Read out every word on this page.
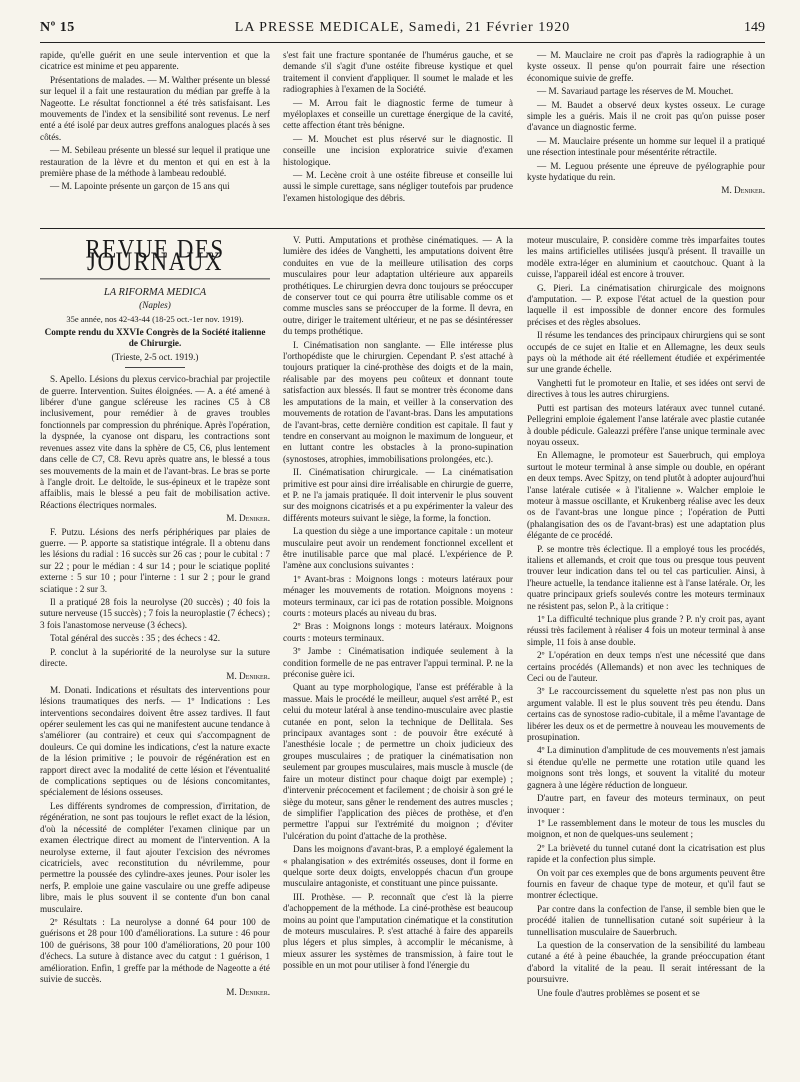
Nº 15	LA PRESSE MEDICALE, Samedi, 21 Février 1920	149

rapide, qu'elle guérit en une seule intervention et que la cicatrice est minime et peu apparente.

Présentations de malades. — M. Walther présente un blessé sur lequel il a fait une restauration du médian par greffe à la Nageotte. Le résultat fonctionnel a été très satisfaisant. Les mouvements de l'index et la sensibilité sont revenus. Le nerf enté a été isolé par deux autres greffons analogues placés à ses côtés.

— M. Sebileau présente un blessé sur lequel il pratique une restauration de la lèvre et du menton et qui en est à la première phase de la méthode à lambeau redoublé.

— M. Lapointe présente un garçon de 15 ans qui

s'est fait une fracture spontanée de l'humérus gauche, et se demande s'il s'agit d'une ostéite fibreuse kystique et quel traitement il convient d'appliquer. Il soumet le malade et les radiographies à l'examen de la Société.

— M. Arrou fait le diagnostic ferme de tumeur à myéloplaxes et conseille un curettage énergique de la cavité, cette affection étant très bénigne.

— M. Mouchet est plus réservé sur le diagnostic. Il conseille une incision exploratrice suivie d'examen histologique.

— M. Lecène croit à une ostéite fibreuse et conseille lui aussi le simple curettage, sans négliger toutefois par prudence l'examen histologique des débris.

— M. Mauclaire ne croit pas d'après la radiographie à un kyste osseux. Il pense qu'on pourrait faire une résection économique suivie de greffe.

— M. Savariaud partage les réserves de M. Mouchet.

— M. Baudet a observé deux kystes osseux. Le curage simple les a guéris. Mais il ne croit pas qu'on puisse poser d'avance un diagnostic ferme.

— M. Mauclaire présente un homme sur lequel il a pratiqué une résection intestinale pour mésentérite rétractile.

— M. Leguou présente une épreuve de pyélographie pour kyste hydatique du rein.

M. Denıker.

REVUE DES JOURNAUX

LA RIFORMA MEDICA

(Naples)

35e année, nos 42-43-44 (18-25 oct.-1er nov. 1919).

Compte rendu du XXVIe Congrès de la Société italienne de Chirurgie.

(Trieste, 2-5 oct. 1919.)

S. Apello. Lésions du plexus cervico-brachial par projectile de guerre. Intervention. Suites éloignées. — A. a été amené à libérer d'une gangue scléreuse les racines C5 à C8 inclusivement, pour remédier à de graves troubles fonctionnels par compression du phrénique. Après l'opération, la dyspnée, la cyanose ont disparu, les contractions sont revenues assez vite dans la sphère de C5, C6, plus lentement dans celle de C7, C8. Revu après quatre ans, le blessé a tous ses mouvements de la main et de l'avant-bras. Le bras se porte à l'angle droit. Le deltoïde, le sus-épineux et le trapèze sont affaiblis, mais le blessé a peu fait de mobilisation active. Réactions électriques normales.

M. Denıker.

F. Putzu. Lésions des nerfs périphériques par plaies de guerre. — P. apporte sa statistique intégrale. Il a obtenu dans les lésions du radial : 16 succès sur 26 cas ; pour le cubital : 7 sur 22 ; pour le médian : 4 sur 14 ; pour le sciatique poplité externe : 5 sur 10 ; pour l'interne : 1 sur 2 ; pour le grand sciatique : 2 sur 3.

Il a pratiqué 28 fois la neurolyse (20 succès) ; 40 fois la suture nerveuse (15 succès) ; 7 fois la neuroplastie (7 échecs) ; 3 fois l'anastomose nerveuse (3 échecs).

Total général des succès : 35 ; des échecs : 42.

P. conclut à la supériorité de la neurolyse sur la suture directe.

M. Denıker.

M. Donati. Indications et résultats des interventions pour lésions traumatiques des nerfs. — 1º Indications : Les interventions secondaires doivent être assez tardives. Il faut opérer seulement les cas qui ne manifestent aucune tendance à s'améliorer (au contraire) et ceux qui s'accompagnent de douleurs. Ce qui domine les indications, c'est la nature exacte de la lésion primitive ; le pouvoir de régénération est en rapport direct avec la modalité de cette lésion et l'éventualité de complications septiques ou de lésions concomitantes, spécialement de lésions osseuses.

Les différents syndromes de compression, d'irritation, de régénération, ne sont pas toujours le reflet exact de la lésion, d'où la nécessité de compléter l'examen clinique par un examen électrique direct au moment de l'intervention. A la neurolyse externe, il faut ajouter l'excision des névromes cicatriciels, avec reconstitution du névrilemme, pour permettre la poussée des cylindre-axes jeunes. Pour isoler les nerfs, P. emploie une gaine vasculaire ou une greffe adipeuse libre, mais le plus souvent il se contente d'un bon canal musculaire.

2º Résultats : La neurolyse a donné 64 pour 100 de guérisons et 28 pour 100 d'améliorations. La suture : 46 pour 100 de guérisons, 38 pour 100 d'améliorations, 20 pour 100 d'échecs. La suture à distance avec du catgut : 1 guérison, 1 amélioration. Enfin, 1 greffe par la méthode de Nageotte a été suivie de succès.

M. Denıker.

V. Putti. Amputations et prothèse cinématiques. — A la lumière des idées de Vanghetti, les amputations doivent être conduites en vue de la meilleure utilisation des corps musculaires pour leur adaptation ultérieure aux appareils prothétiques. Le chirurgien devra donc toujours se préoccuper de conserver tout ce qui pourra être utilisable comme os et comme muscles sans se préoccuper de la forme. Il devra, en outre, diriger le traitement ultérieur, et ne pas se désintéresser du temps prothétique.

I. Cinématisation non sanglante. — Elle intéresse plus l'orthopédiste que le chirurgien. Cependant P. s'est attaché à toujours pratiquer la ciné-prothèse des doigts et de la main, réalisable par des moyens peu coûteux et donnant toute satisfaction aux blessés. Il faut se montrer très économe dans les amputations de la main, et veiller à la conservation des mouvements de rotation de l'avant-bras. Dans les amputations de l'avant-bras, cette dernière condition est capitale. Il faut y tendre en conservant au moignon le maximum de longueur, et en luttant contre les obstacles à la prono-supination (synostoses, atrophies, immobilisations prolongées, etc.).

II. Cinématisation chirurgicale. — La cinématisation primitive est pour ainsi dire irréalisable en chirurgie de guerre, et P. ne l'a jamais pratiquée. Il doit intervenir le plus souvent sur des moignons cicatrisés et a pu expérimenter la valeur des différents moteurs suivant le siège, la forme, la fonction.

La question du siège a une importance capitale : un moteur musculaire peut avoir un rendement fonctionnel excellent et être inutilisable parce que mal placé. L'expérience de P. l'amène aux conclusions suivantes :

1º Avant-bras : Moignons longs : moteurs latéraux pour ménager les mouvements de rotation. Moignons moyens : moteurs terminaux, car ici pas de rotation possible. Moignons courts : moteurs placés au niveau du bras.

2º Bras : Moignons longs : moteurs latéraux. Moignons courts : moteurs terminaux.

3º Jambe : Cinématisation indiquée seulement à la condition formelle de ne pas entraver l'appui terminal. P. ne la préconise guère ici.

Quant au type morphologique, l'anse est préférable à la massue. Mais le procédé le meilleur, auquel s'est arrêté P., est celui du moteur latéral à anse tendino-musculaire avec plastie cutanée en pont, selon la technique de Dellitala. Ses principaux avantages sont : de pouvoir être exécuté à l'anesthésie locale ; de permettre un choix judicieux des groupes musculaires ; de pratiquer la cinématisation non seulement par groupes musculaires, mais muscle à muscle (de faire un moteur distinct pour chaque doigt par exemple) ; d'intervenir précocement et facilement ; de choisir à son gré le siège du moteur, sans gêner le rendement des autres muscles ; de simplifier l'application des pièces de prothèse, et d'en permettre l'appui sur l'extrémité du moignon ; d'éviter l'ulcération du point d'attache de la prothèse.

Dans les moignons d'avant-bras, P. a employé également la « phalangisation » des extrémités osseuses, dont il forme en quelque sorte deux doigts, enveloppés chacun d'un groupe musculaire antagoniste, et constituant une pince puissante.

III. Prothèse. — P. reconnaît que c'est là la pierre d'achoppement de la méthode. La ciné-prothèse est beaucoup moins au point que l'amputation cinématique et la constitution de moteurs musculaires. P. s'est attaché à faire des appareils plus légers et plus simples, à accomplir le mécanisme, à mieux assurer les systèmes de transmission, à faire tout le possible en un mot pour utiliser à fond l'énergie du

moteur musculaire, P. considère comme très imparfaites toutes les mains artificielles utilisées jusqu'à présent. Il travaille un modèle extra-léger en aluminium et caoutchouc. Quant à la cuisse, l'appareil idéal est encore à trouver.

G. Pieri. La cinématisation chirurgicale des moignons d'amputation. — P. expose l'état actuel de la question pour laquelle il est impossible de donner encore des formules précises et des règles absolues.

Il résume les tendances des principaux chirurgiens qui se sont occupés de ce sujet en Italie et en Allemagne, les deux seuls pays où la méthode ait été réellement étudiée et expérimentée sur une grande échelle.

Vanghetti fut le promoteur en Italie, et ses idées ont servi de directives à tous les autres chirurgiens.

Putti est partisan des moteurs latéraux avec tunnel cutané. Pellegrini emploie également l'anse latérale avec plastie cutanée à double pédicule. Galeazzi préfère l'anse unique terminale avec noyau osseux.

En Allemagne, le promoteur est Sauerbruch, qui employa surtout le moteur terminal à anse simple ou double, en opérant en deux temps. Avec Spitzy, on tend plutôt à adopter aujourd'hui l'anse latérale cutisée « à l'italienne ». Walcher emploie le moteur à massue oscillante, et Krukenberg réalise avec les deux os de l'avant-bras une longue pince ; l'opération de Putti (phalangisation des os de l'avant-bras) est une adaptation plus élégante de ce procédé.

P. se montre très éclectique. Il a employé tous les procédés, italiens et allemands, et croit que tous ou presque tous peuvent trouver leur indication dans tel ou tel cas particulier. Ainsi, à l'heure actuelle, la tendance italienne est à l'anse latérale. Or, les quatre principaux griefs soulevés contre les moteurs terminaux ne résistent pas, selon P., à la critique :

1º La difficulté technique plus grande ? P. n'y croit pas, ayant réussi très facilement à réaliser 4 fois un moteur terminal à anse simple, 11 fois à anse double.

2º L'opération en deux temps n'est une nécessité que dans certains procédés (Allemands) et non avec les techniques de Ceci ou de l'auteur.

3º Le raccourcissement du squelette n'est pas non plus un argument valable. Il est le plus souvent très peu étendu. Dans certains cas de synostose radio-cubitale, il a même l'avantage de libérer les deux os et de permettre à nouveau les mouvements de prosupination.

4º La diminution d'amplitude de ces mouvements n'est jamais si étendue qu'elle ne permette une rotation utile quand les moignons sont très longs, et souvent la vitalité du moteur gagnera à une légère réduction de longueur.

D'autre part, en faveur des moteurs terminaux, on peut invoquer :

1º Le rassemblement dans le moteur de tous les muscles du moignon, et non de quelques-uns seulement ;

2º La brièveté du tunnel cutané dont la cicatrisation est plus rapide et la confection plus simple.

On voit par ces exemples que de bons arguments peuvent être fournis en faveur de chaque type de moteur, et qu'il faut se montrer éclectique.

Par contre dans la confection de l'anse, il semble bien que le procédé italien de tunnellisation cutané soit supérieur à la tunnellisation musculaire de Sauerbruch.

La question de la conservation de la sensibilité du lambeau cutané a été à peine ébauchée, la grande préoccupation étant d'abord la vitalité de la peau. Il serait intéressant de la poursuivre.

Une foule d'autres problèmes se posent et se
